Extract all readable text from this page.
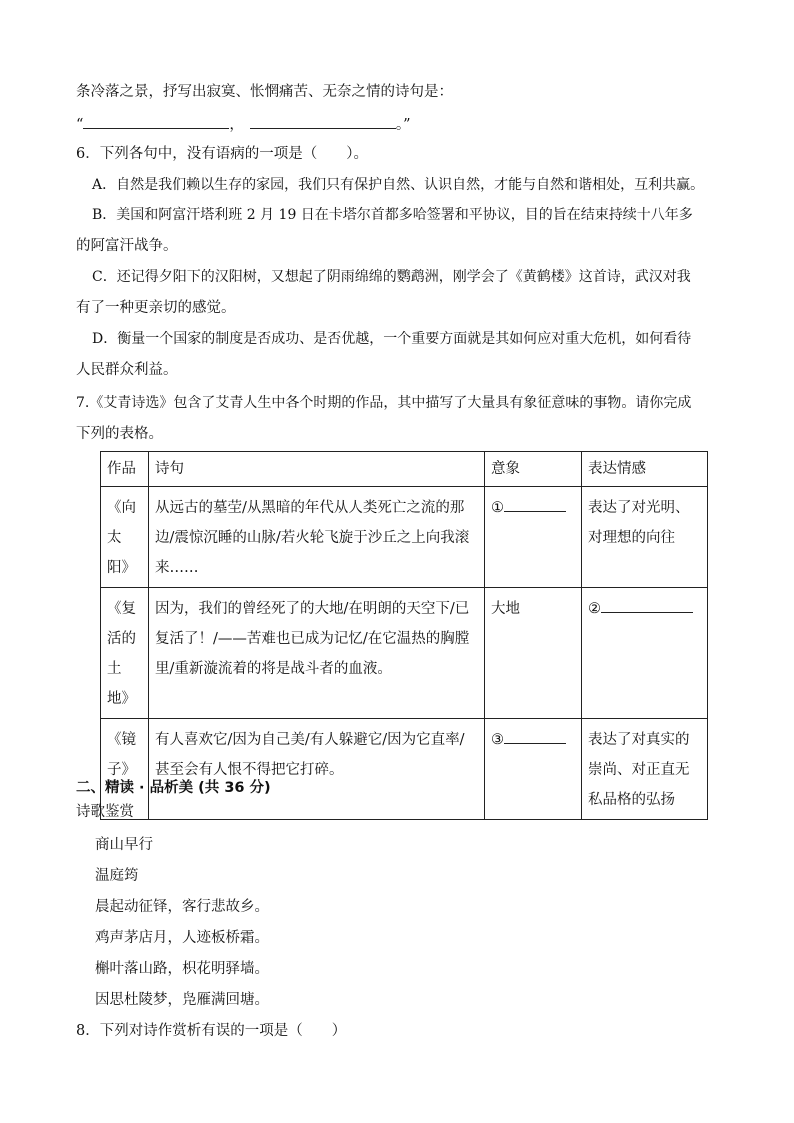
条冷落之景，抒写出寂寞、怅惘痛苦、无奈之情的诗句是：
“	，	。”
6．下列各句中，没有语病的一项是（　　）。
A．自然是我们赖以生存的家园，我们只有保护自然、认识自然，才能与自然和谐相处，互利共赢。
B．美国和阿富汗塔利班 2 月 19 日在卡塔尔首都多哈签署和平协议，目的旨在结束持续十八年多
的阿富汗战争。
C．还记得夕阳下的汉阳树，又想起了阴雨绵绵的鹦鹉洲，刚学会了《黄鹤楼》这首诗，武汉对我
有了一种更亲切的感觉。
D．衡量一个国家的制度是否成功、是否优越，一个重要方面就是其如何应对重大危机，如何看待
人民群众利益。
7.《艾青诗选》包含了艾青人生中各个时期的作品，其中描写了大量具有象征意味的事物。请你完成
下列的表格。
作品	诗句	意象	表达情感
《向太阳》	从远古的墓茔/从黑暗的年代从人类死亡之流的那边/震惊沉睡的山脉/若火轮飞旋于沙丘之上向我滚来……	①	表达了对光明、对理想的向往
《复活的土地》	因为，我们的曾经死了的大地/在明朗的天空下/已复活了！/——苦难也已成为记忆/在它温热的胸膛里/重新漩流着的将是战斗者的血液。	大地	②
《镜子》	有人喜欢它/因为自己美/有人躲避它/因为它直率/甚至会有人恨不得把它打碎。	③	表达了对真实的崇尚、对正直无私品格的弘扬
二、精读 · 品析美 (共 36 分)
诗歌鉴赏
商山早行
温庭筠
晨起动征铎，客行悲故乡。
鸡声茅店月，人迹板桥霜。
槲叶落山路，枳花明驿墙。
因思杜陵梦，凫雁满回塘。
8．下列对诗作赏析有误的一项是（　　）
